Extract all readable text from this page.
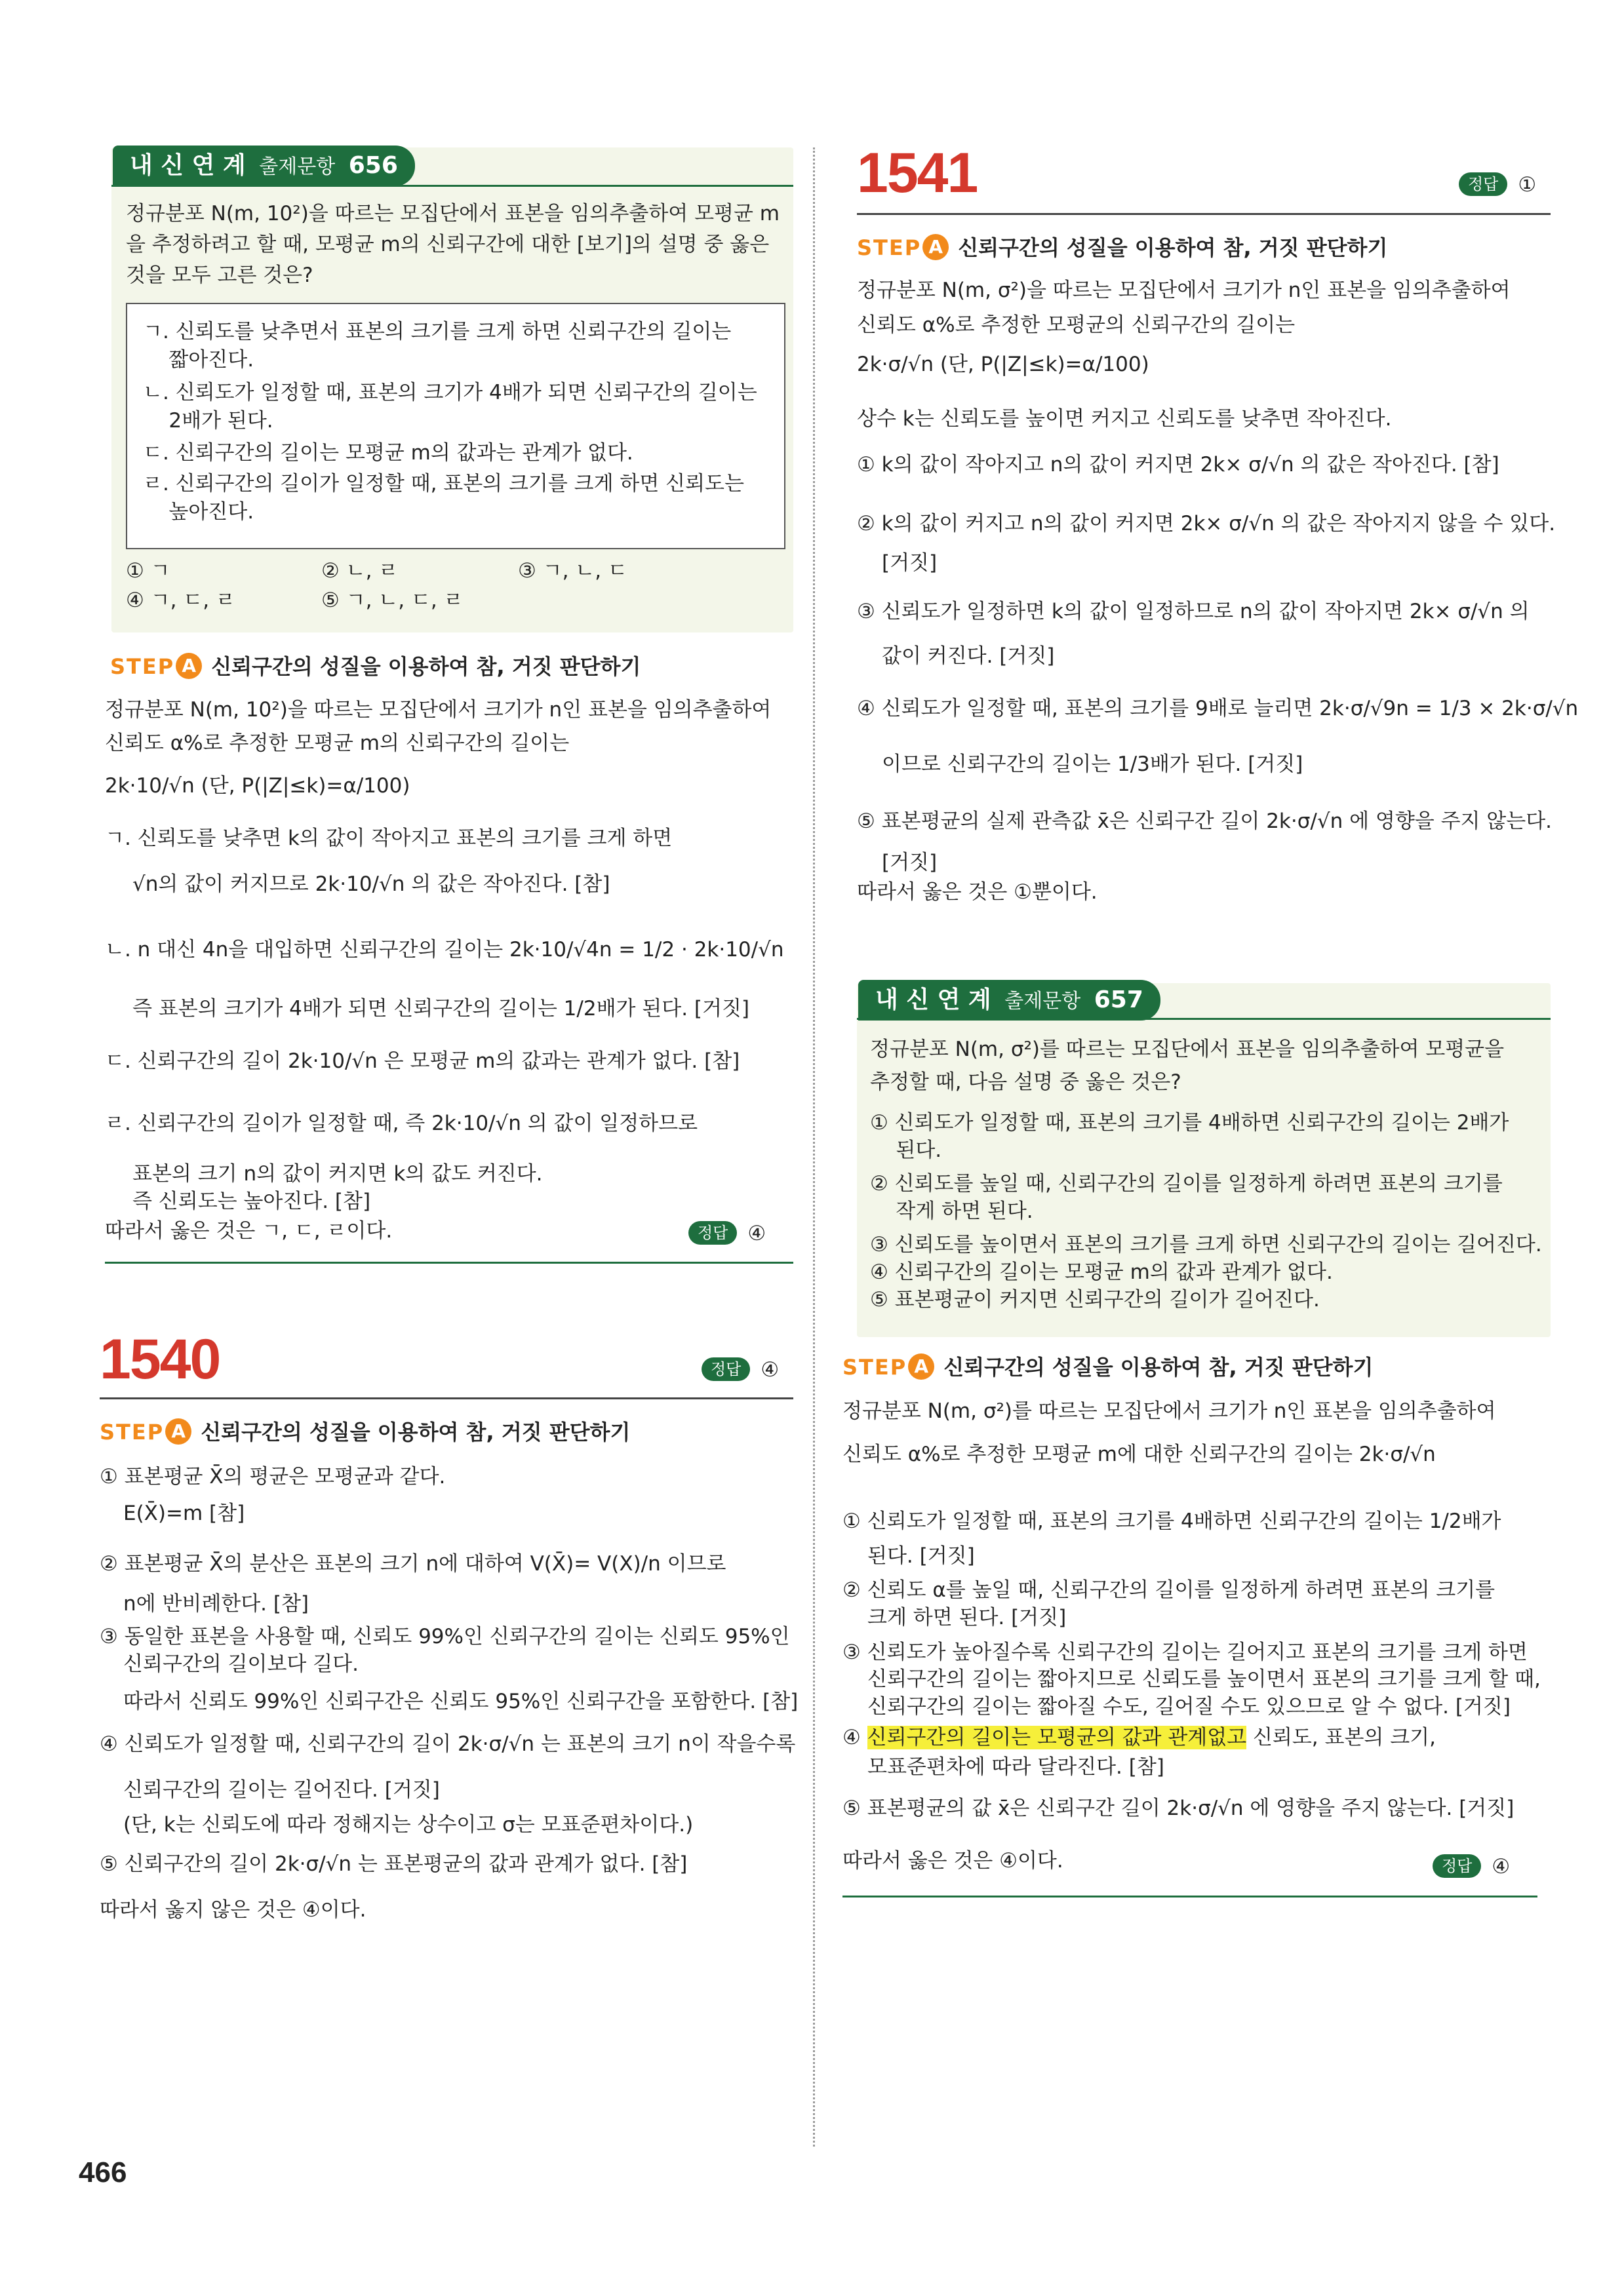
내 신 연 계 출제문항 656
정규분포 N(m, 10²)을 따르는 모집단에서 표본을 임의추출하여 모평균 m
을 추정하려고 할 때, 모평균 m의 신뢰구간에 대한 [보기]의 설명 중 옳은
것을 모두 고른 것은?
ㄱ. 신뢰도를 낮추면서 표본의 크기를 크게 하면 신뢰구간의 길이는
짧아진다.
ㄴ. 신뢰도가 일정할 때, 표본의 크기가 4배가 되면 신뢰구간의 길이는
2배가 된다.
ㄷ. 신뢰구간의 길이는 모평균 m의 값과는 관계가 없다.
ㄹ. 신뢰구간의 길이가 일정할 때, 표본의 크기를 크게 하면 신뢰도는
높아진다.
① ㄱ	② ㄴ, ㄹ	③ ㄱ, ㄴ, ㄷ
④ ㄱ, ㄷ, ㄹ	⑤ ㄱ, ㄴ, ㄷ, ㄹ
STEP A 신뢰구간의 성질을 이용하여 참, 거짓 판단하기
정규분포 N(m, 10²)을 따르는 모집단에서 크기가 n인 표본을 임의추출하여
신뢰도 α%로 추정한 모평균 m의 신뢰구간의 길이는
2k·10/√n (단, P(|Z|≤k)=α/100)
ㄱ. 신뢰도를 낮추면 k의 값이 작아지고 표본의 크기를 크게 하면
√n의 값이 커지므로 2k·10/√n 의 값은 작아진다. [참]
ㄴ. n 대신 4n을 대입하면 신뢰구간의 길이는 2k·10/√4n = 1/2 · 2k·10/√n
즉 표본의 크기가 4배가 되면 신뢰구간의 길이는 1/2배가 된다. [거짓]
ㄷ. 신뢰구간의 길이 2k·10/√n 은 모평균 m의 값과는 관계가 없다. [참]
ㄹ. 신뢰구간의 길이가 일정할 때, 즉 2k·10/√n 의 값이 일정하므로
표본의 크기 n의 값이 커지면 k의 값도 커진다.
즉 신뢰도는 높아진다. [참]
따라서 옳은 것은 ㄱ, ㄷ, ㄹ이다.	정답 ④
1540	정답 ④
STEP A 신뢰구간의 성질을 이용하여 참, 거짓 판단하기
① 표본평균 X̄의 평균은 모평균과 같다.
E(X̄)=m [참]
② 표본평균 X̄의 분산은 표본의 크기 n에 대하여 V(X̄)= V(X)/n 이므로
n에 반비례한다. [참]
③ 동일한 표본을 사용할 때, 신뢰도 99%인 신뢰구간의 길이는 신뢰도 95%인
신뢰구간의 길이보다 길다.
따라서 신뢰도 99%인 신뢰구간은 신뢰도 95%인 신뢰구간을 포함한다. [참]
④ 신뢰도가 일정할 때, 신뢰구간의 길이 2k·σ/√n 는 표본의 크기 n이 작을수록
신뢰구간의 길이는 길어진다. [거짓]
(단, k는 신뢰도에 따라 정해지는 상수이고 σ는 모표준편차이다.)
⑤ 신뢰구간의 길이 2k·σ/√n 는 표본평균의 값과 관계가 없다. [참]
따라서 옳지 않은 것은 ④이다.
1541	정답 ①
STEP A 신뢰구간의 성질을 이용하여 참, 거짓 판단하기
정규분포 N(m, σ²)을 따르는 모집단에서 크기가 n인 표본을 임의추출하여
신뢰도 α%로 추정한 모평균의 신뢰구간의 길이는
2k·σ/√n (단, P(|Z|≤k)=α/100)
상수 k는 신뢰도를 높이면 커지고 신뢰도를 낮추면 작아진다.
① k의 값이 작아지고 n의 값이 커지면 2k× σ/√n 의 값은 작아진다. [참]
② k의 값이 커지고 n의 값이 커지면 2k× σ/√n 의 값은 작아지지 않을 수 있다.
[거짓]
③ 신뢰도가 일정하면 k의 값이 일정하므로 n의 값이 작아지면 2k× σ/√n 의
값이 커진다. [거짓]
④ 신뢰도가 일정할 때, 표본의 크기를 9배로 늘리면 2k·σ/√9n = 1/3 × 2k·σ/√n
이므로 신뢰구간의 길이는 1/3배가 된다. [거짓]
⑤ 표본평균의 실제 관측값 x̄은 신뢰구간 길이 2k·σ/√n 에 영향을 주지 않는다.
[거짓]
따라서 옳은 것은 ①뿐이다.
내 신 연 계 출제문항 657
정규분포 N(m, σ²)를 따르는 모집단에서 표본을 임의추출하여 모평균을
추정할 때, 다음 설명 중 옳은 것은?
① 신뢰도가 일정할 때, 표본의 크기를 4배하면 신뢰구간의 길이는 2배가
된다.
② 신뢰도를 높일 때, 신뢰구간의 길이를 일정하게 하려면 표본의 크기를
작게 하면 된다.
③ 신뢰도를 높이면서 표본의 크기를 크게 하면 신뢰구간의 길이는 길어진다.
④ 신뢰구간의 길이는 모평균 m의 값과 관계가 없다.
⑤ 표본평균이 커지면 신뢰구간의 길이가 길어진다.
STEP A 신뢰구간의 성질을 이용하여 참, 거짓 판단하기
정규분포 N(m, σ²)를 따르는 모집단에서 크기가 n인 표본을 임의추출하여
신뢰도 α%로 추정한 모평균 m에 대한 신뢰구간의 길이는 2k·σ/√n
① 신뢰도가 일정할 때, 표본의 크기를 4배하면 신뢰구간의 길이는 1/2배가
된다. [거짓]
② 신뢰도 α를 높일 때, 신뢰구간의 길이를 일정하게 하려면 표본의 크기를
크게 하면 된다. [거짓]
③ 신뢰도가 높아질수록 신뢰구간의 길이는 길어지고 표본의 크기를 크게 하면
신뢰구간의 길이는 짧아지므로 신뢰도를 높이면서 표본의 크기를 크게 할 때,
신뢰구간의 길이는 짧아질 수도, 길어질 수도 있으므로 알 수 없다. [거짓]
④ 신뢰구간의 길이는 모평균의 값과 관계없고 신뢰도, 표본의 크기,
모표준편차에 따라 달라진다. [참]
⑤ 표본평균의 값 x̄은 신뢰구간 길이 2k·σ/√n 에 영향을 주지 않는다. [거짓]
따라서 옳은 것은 ④이다.	정답 ④
466
